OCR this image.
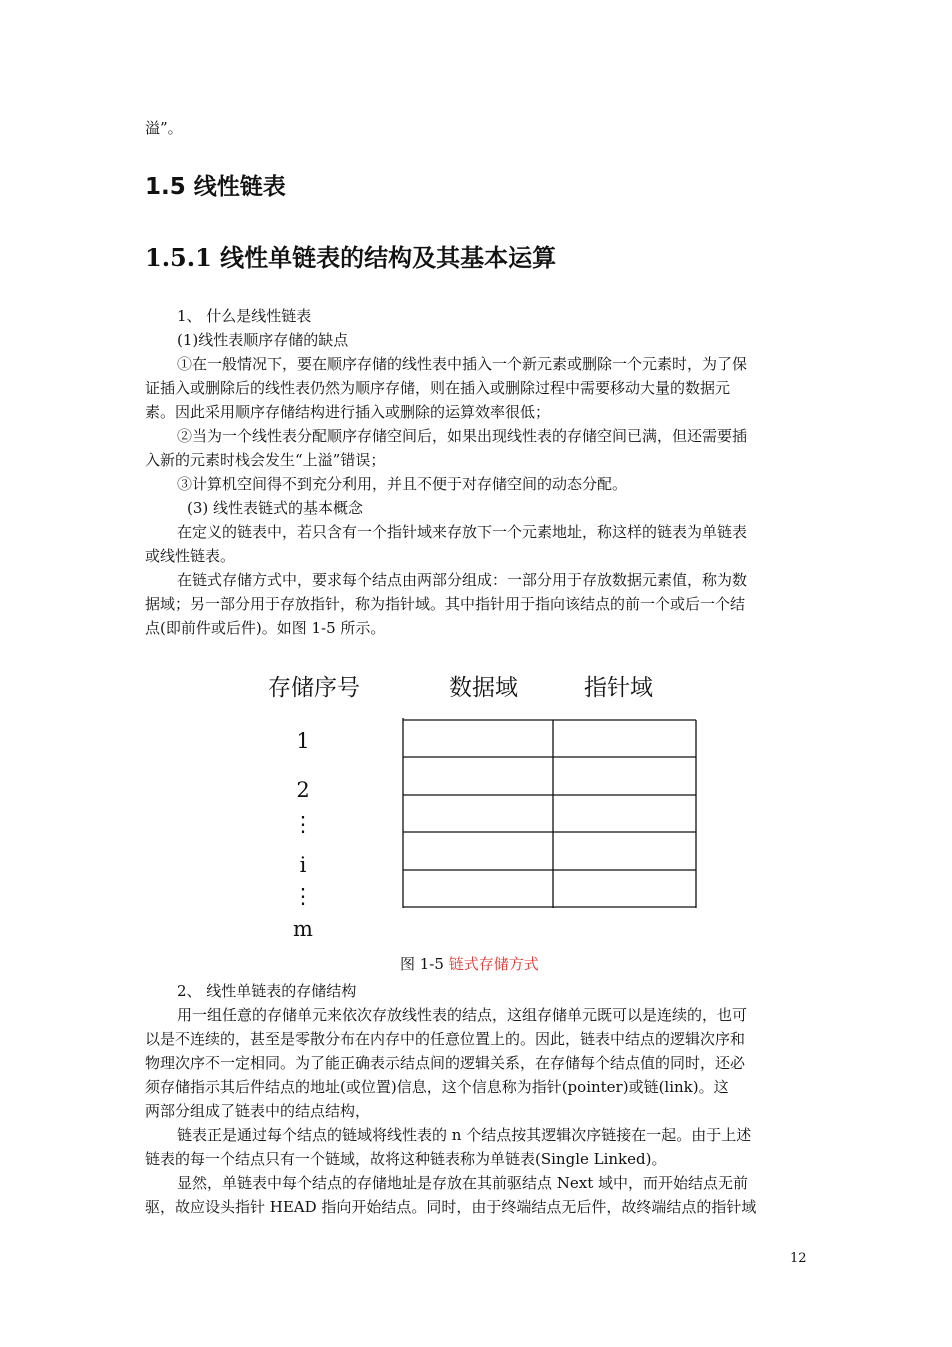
溢”。
1.5 线性链表
1.5.1 线性单链表的结构及其基本运算
1、 什么是线性链表
(1)线性表顺序存储的缺点
①在一般情况下，要在顺序存储的线性表中插入一个新元素或删除一个元素时，为了保
证插入或删除后的线性表仍然为顺序存储，则在插入或删除过程中需要移动大量的数据元
素。因此采用顺序存储结构进行插入或删除的运算效率很低；
②当为一个线性表分配顺序存储空间后，如果出现线性表的存储空间已满，但还需要插
入新的元素时栈会发生“上溢”错误；
③计算机空间得不到充分利用，并且不便于对存储空间的动态分配。
(3) 线性表链式的基本概念
在定义的链表中，若只含有一个指针域来存放下一个元素地址，称这样的链表为单链表
或线性链表。
在链式存储方式中，要求每个结点由两部分组成：一部分用于存放数据元素值，称为数
据域；另一部分用于存放指针，称为指针域。其中指针用于指向该结点的前一个或后一个结
点(即前件或后件)。如图 1-5 所示。
存储序号	数据域	指针域
1
2
⋮
i
⋮
m
图 1-5 链式存储方式
2、 线性单链表的存储结构
用一组任意的存储单元来依次存放线性表的结点，这组存储单元既可以是连续的，也可
以是不连续的，甚至是零散分布在内存中的任意位置上的。因此，链表中结点的逻辑次序和
物理次序不一定相同。为了能正确表示结点间的逻辑关系，在存储每个结点值的同时，还必
须存储指示其后件结点的地址(或位置)信息，这个信息称为指针(pointer)或链(link)。这
两部分组成了链表中的结点结构，
链表正是通过每个结点的链域将线性表的 n 个结点按其逻辑次序链接在一起。由于上述
链表的每一个结点只有一个链域，故将这种链表称为单链表(Single Linked)。
显然，单链表中每个结点的存储地址是存放在其前驱结点 Next 域中，而开始结点无前
驱，故应设头指针 HEAD 指向开始结点。同时，由于终端结点无后件，故终端结点的指针域
12
